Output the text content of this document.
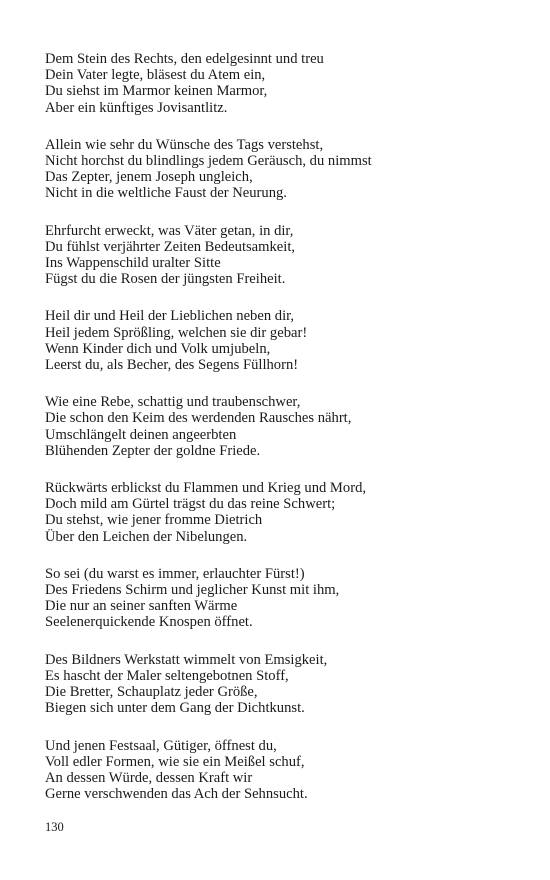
Dem Stein des Rechts, den edelgesinnt und treu
Dein Vater legte, bläsest du Atem ein,
Du siehst im Marmor keinen Marmor,
Aber ein künftiges Jovisantlitz.
Allein wie sehr du Wünsche des Tags verstehst,
Nicht horchst du blindlings jedem Geräusch, du nimmst
Das Zepter, jenem Joseph ungleich,
Nicht in die weltliche Faust der Neurung.
Ehrfurcht erweckt, was Väter getan, in dir,
Du fühlst verjährter Zeiten Bedeutsamkeit,
Ins Wappenschild uralter Sitte
Fügst du die Rosen der jüngsten Freiheit.
Heil dir und Heil der Lieblichen neben dir,
Heil jedem Sprößling, welchen sie dir gebar!
Wenn Kinder dich und Volk umjubeln,
Leerst du, als Becher, des Segens Füllhorn!
Wie eine Rebe, schattig und traubenschwer,
Die schon den Keim des werdenden Rausches nährt,
Umschlängelt deinen angeerbten
Blühenden Zepter der goldne Friede.
Rückwärts erblickst du Flammen und Krieg und Mord,
Doch mild am Gürtel trägst du das reine Schwert;
Du stehst, wie jener fromme Dietrich
Über den Leichen der Nibelungen.
So sei (du warst es immer, erlauchter Fürst!)
Des Friedens Schirm und jeglicher Kunst mit ihm,
Die nur an seiner sanften Wärme
Seelenerquickende Knospen öffnet.
Des Bildners Werkstatt wimmelt von Emsigkeit,
Es hascht der Maler seltengebotnen Stoff,
Die Bretter, Schauplatz jeder Größe,
Biegen sich unter dem Gang der Dichtkunst.
Und jenen Festsaal, Gütiger, öffnest du,
Voll edler Formen, wie sie ein Meißel schuf,
An dessen Würde, dessen Kraft wir
Gerne verschwenden das Ach der Sehnsucht.
130
